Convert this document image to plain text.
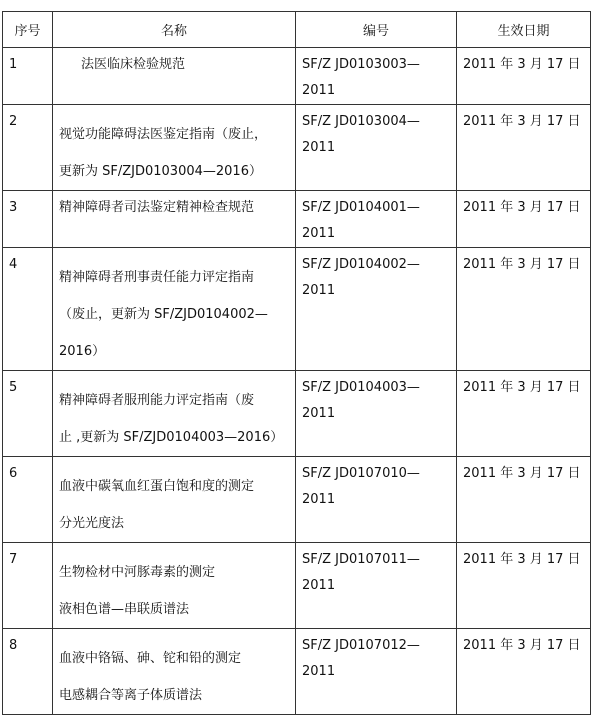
序号	名称	编号	生效日期

1	法医临床检验规范	SF/Z JD0103003—2011	2011 年 3 月 17 日

2	视觉功能障碍法医鉴定指南（废止，
更新为 SF/ZJD0103004—2016）	SF/Z JD0103004—2011	2011 年 3 月 17 日

3	精神障碍者司法鉴定精神检查规范	SF/Z JD0104001—2011	2011 年 3 月 17 日

4	精神障碍者刑事责任能力评定指南
（废止，更新为 SF/ZJD0104002—
2016）	SF/Z JD0104002—2011	2011 年 3 月 17 日

5	精神障碍者服刑能力评定指南（废
止 ,更新为 SF/ZJD0104003—2016）	SF/Z JD0104003—2011	2011 年 3 月 17 日

6	血液中碳氧血红蛋白饱和度的测定
分光光度法	SF/Z JD0107010—2011	2011 年 3 月 17 日

7	生物检材中河豚毒素的测定
液相色谱—串联质谱法	SF/Z JD0107011—2011	2011 年 3 月 17 日

8	血液中铬镉、砷、铊和铅的测定
电感耦合等离子体质谱法	SF/Z JD0107012—2011	2011 年 3 月 17 日
